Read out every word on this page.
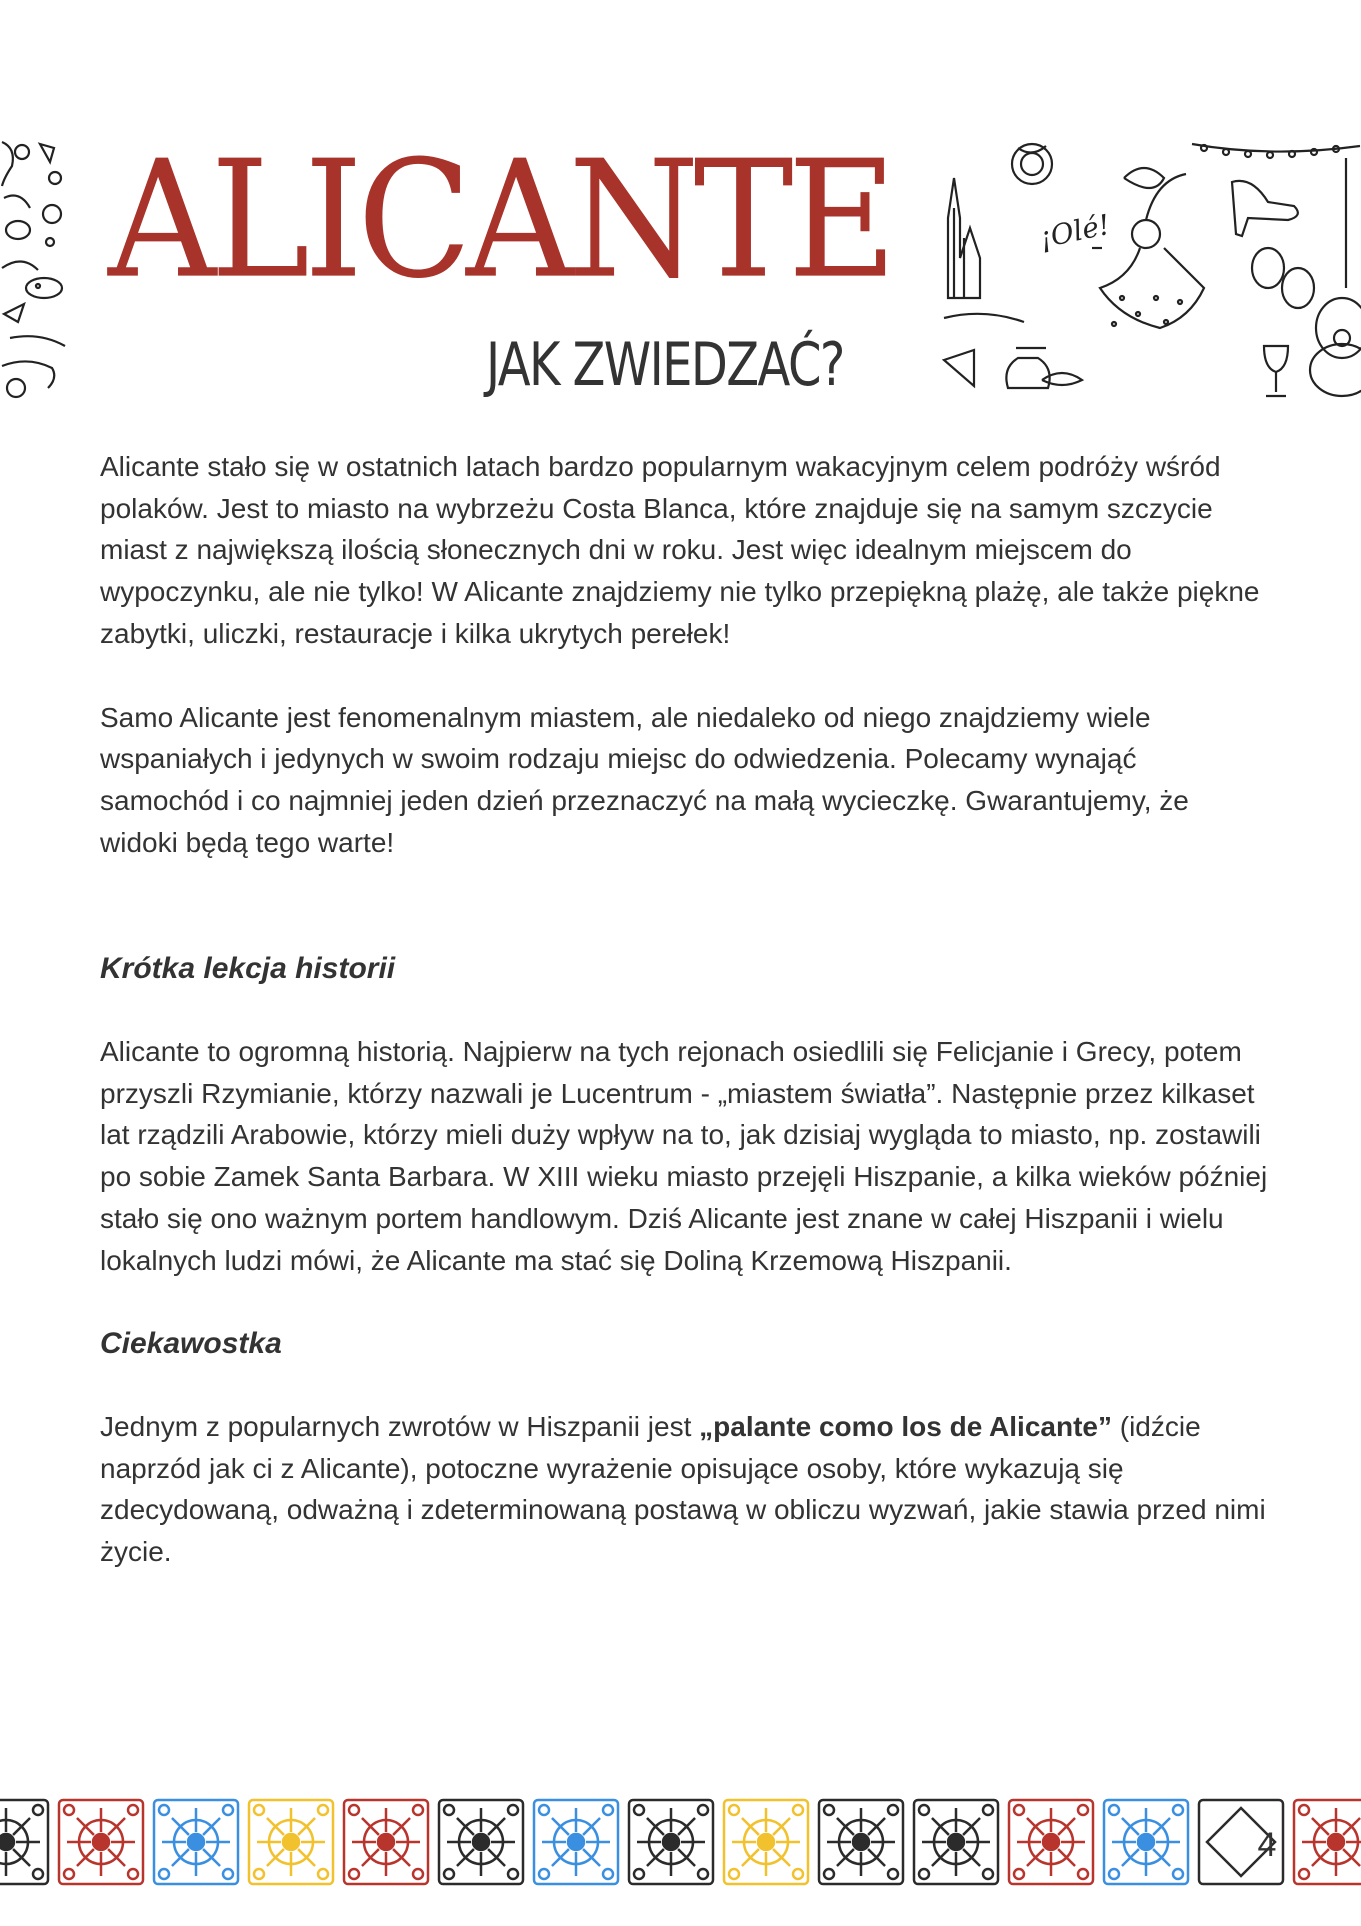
¡Olé!
ALICANTE
JAK ZWIEDZAĆ?

Alicante stało się w ostatnich latach bardzo popularnym wakacyjnym celem podróży wśród polaków. Jest to miasto na wybrzeżu Costa Blanca, które znajduje się na samym szczycie miast z największą ilością słonecznych dni w roku. Jest więc idealnym miejscem do wypoczynku, ale nie tylko! W Alicante znajdziemy nie tylko przepiękną plażę, ale także piękne zabytki, uliczki, restauracje i kilka ukrytych perełek!

Samo Alicante jest fenomenalnym miastem, ale niedaleko od niego znajdziemy wiele wspaniałych i jedynych w swoim rodzaju miejsc do odwiedzenia. Polecamy wynająć samochód i co najmniej jeden dzień przeznaczyć na małą wycieczkę. Gwarantujemy, że widoki będą tego warte!

Krótka lekcja historii

Alicante to ogromną historią. Najpierw na tych rejonach osiedlili się Felicjanie i Grecy, potem przyszli Rzymianie, którzy nazwali je Lucentrum - „miastem światła”. Następnie przez kilkaset lat rządzili Arabowie, którzy mieli duży wpływ na to, jak dzisiaj wygląda to miasto, np. zostawili po sobie Zamek Santa Barbara. W XIII wieku miasto przejęli Hiszpanie, a kilka wieków później stało się ono ważnym portem handlowym. Dziś Alicante jest znane w całej Hiszpanii i wielu lokalnych ludzi mówi, że Alicante ma stać się Doliną Krzemową Hiszpanii.

Ciekawostka

Jednym z popularnych zwrotów w Hiszpanii jest „palante como los de Alicante” (idźcie naprzód jak ci z Alicante), potoczne wyrażenie opisujące osoby, które wykazują się zdecydowaną, odważną i zdeterminowaną postawą w obliczu wyzwań, jakie stawia przed nimi życie.

4
